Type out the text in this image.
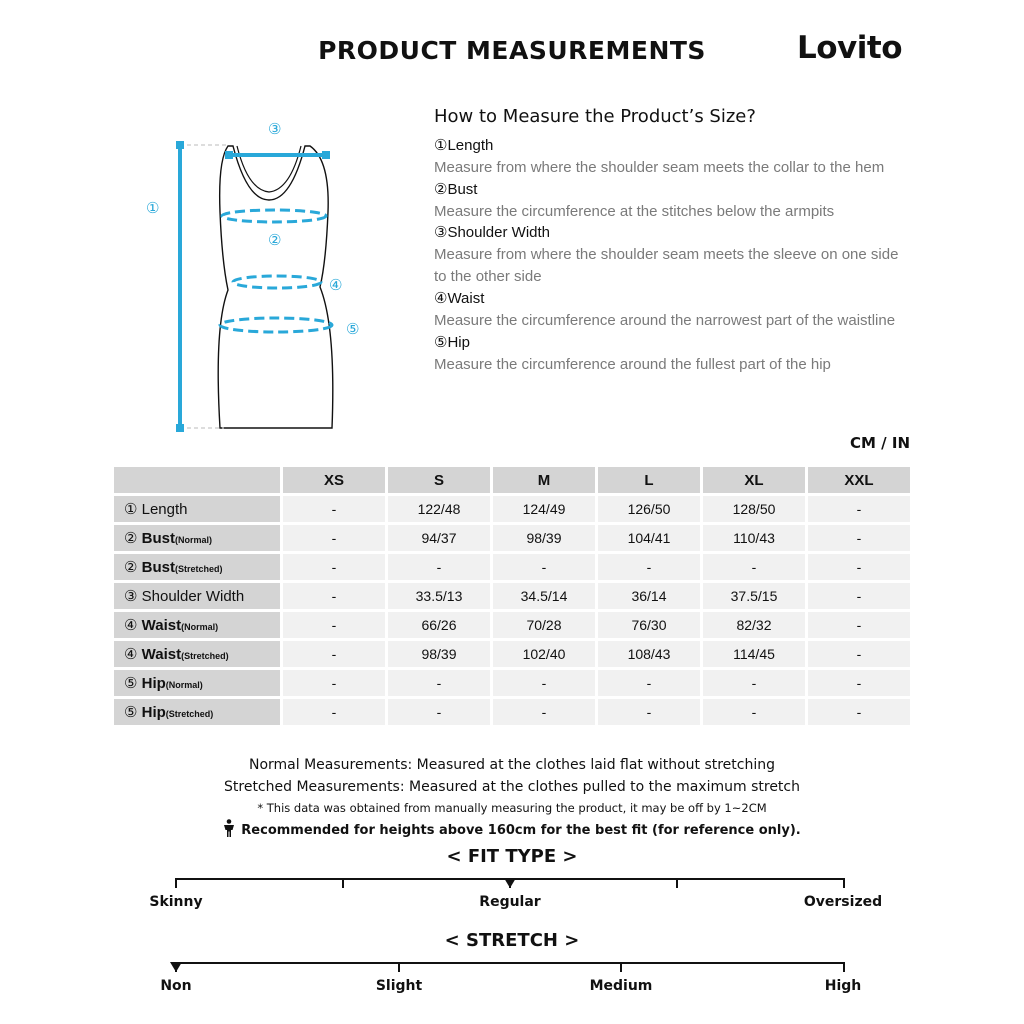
PRODUCT MEASUREMENTS	Lovito
①
②
③
④
⑤
How to Measure the Product’s Size?
①Length
Measure from where the shoulder seam meets the collar to the hem
②Bust
Measure the circumference at the stitches below the armpits
③Shoulder Width
Measure from where the shoulder seam meets the sleeve on one side to the other side
④Waist
Measure the circumference around the narrowest part of the waistline
⑤Hip
Measure the circumference around the fullest part of the hip
CM / IN
	XS	S	M	L	XL	XXL
① Length	-	122/48	124/49	126/50	128/50	-
② Bust(Normal)	-	94/37	98/39	104/41	110/43	-
② Bust(Stretched)	-	-	-	-	-	-
③ Shoulder Width	-	33.5/13	34.5/14	36/14	37.5/15	-
④ Waist(Normal)	-	66/26	70/28	76/30	82/32	-
④ Waist(Stretched)	-	98/39	102/40	108/43	114/45	-
⑤ Hip(Normal)	-	-	-	-	-	-
⑤ Hip(Stretched)	-	-	-	-	-	-
Normal Measurements: Measured at the clothes laid flat without stretching
Stretched Measurements: Measured at the clothes pulled to the maximum stretch
* This data was obtained from manually measuring the product, it may be off by 1~2CM
Recommended for heights above 160cm for the best fit (for reference only).
< FIT TYPE >
Skinny	Regular	Oversized
< STRETCH >
Non	Slight	Medium	High
